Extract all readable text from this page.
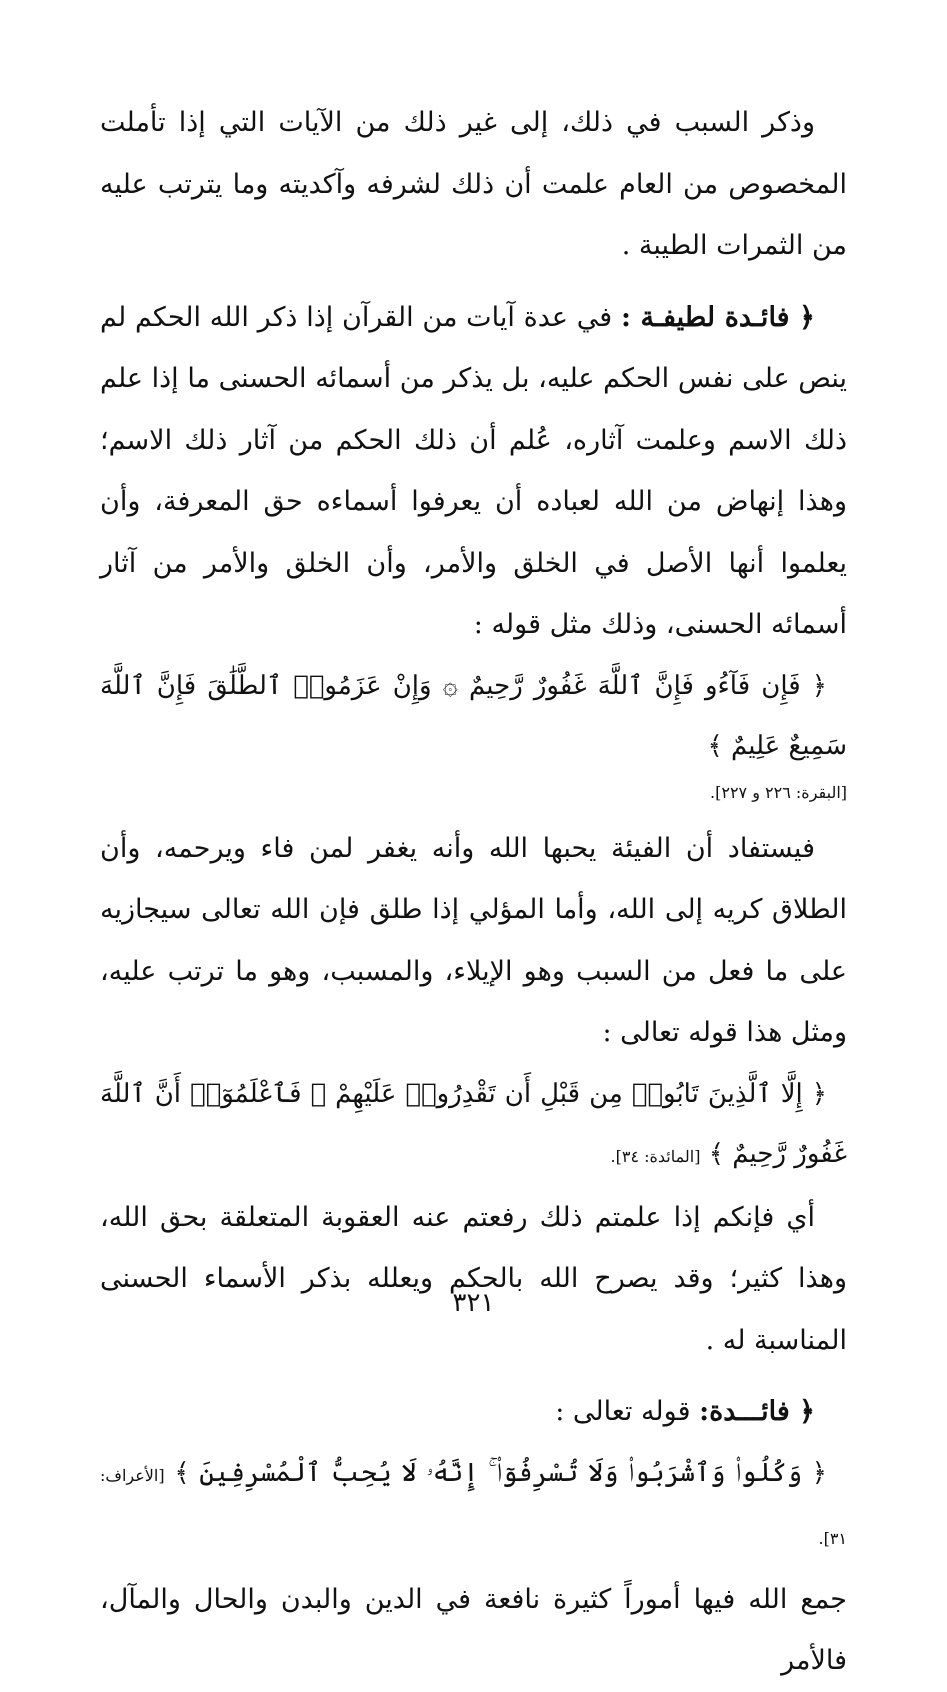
وذكر السبب في ذلك، إلى غير ذلك من الآيات التي إذا تأملت المخصوص من العام علمت أن ذلك لشرفه وآكديته وما يترتب عليه من الثمرات الطيبة .

﴿ فائـدة لطيفـة : في عدة آيات من القرآن إذا ذكر الله الحكم لم ينص على نفس الحكم عليه، بل يذكر من أسمائه الحسنى ما إذا علم ذلك الاسم وعلمت آثاره، عُلم أن ذلك الحكم من آثار ذلك الاسم؛ وهذا إنهاض من الله لعباده أن يعرفوا أسماءه حق المعرفة، وأن يعلموا أنها الأصل في الخلق والأمر، وأن الخلق والأمر من آثار أسمائه الحسنى، وذلك مثل قوله :

﴿ فَإِن فَآءُو فَإِنَّ ٱللَّهَ غَفُورٌ رَّحِيمٌ ۞ وَإِنْ عَزَمُوا۟ ٱلطَّلَٰقَ فَإِنَّ ٱللَّهَ سَمِيعٌ عَلِيمٌ ﴾

[البقرة: ٢٢٦ و ٢٢٧].

فيستفاد أن الفيئة يحبها الله وأنه يغفر لمن فاء ويرحمه، وأن الطلاق كريه إلى الله، وأما المؤلي إذا طلق فإن الله تعالى سيجازيه على ما فعل من السبب وهو الإيلاء، والمسبب، وهو ما ترتب عليه، ومثل هذا قوله تعالى :

﴿ إِلَّا ٱلَّذِينَ تَابُوا۟ مِن قَبْلِ أَن تَقْدِرُوا۟ عَلَيْهِمْ ۖ فَٱعْلَمُوٓا۟ أَنَّ ٱللَّهَ غَفُورٌ رَّحِيمٌ ﴾ [المائدة: ٣٤].

أي فإنكم إذا علمتم ذلك رفعتم عنه العقوبة المتعلقة بحق الله، وهذا كثير؛ وقد يصرح الله بالحكم ويعلله بذكر الأسماء الحسنى المناسبة له .

﴿ فائـــدة: قوله تعالى :

﴿ وَكُلُوا۟ وَٱشْرَبُوا۟ وَلَا تُسْرِفُوٓا۟ ۚ إِنَّهُۥ لَا يُحِبُّ ٱلْمُسْرِفِينَ ﴾ [الأعراف: ٣١].

جمع الله فيها أموراً كثيرة نافعة في الدين والبدن والحال والمآل، فالأمر

٣٢١
